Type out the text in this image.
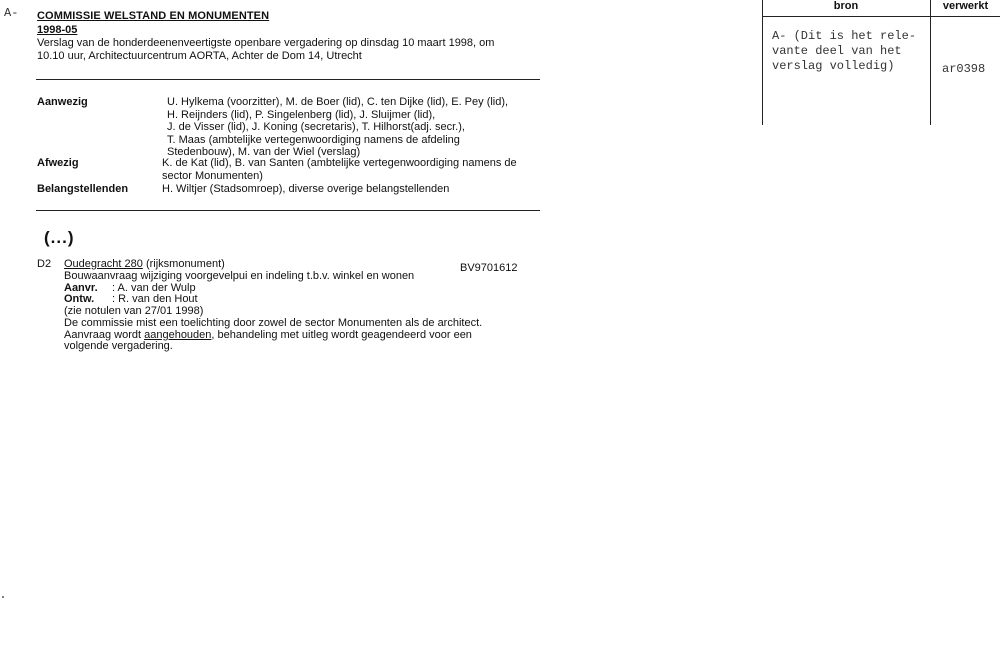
A- COMMISSIE WELSTAND EN MONUMENTEN
1998-05
Verslag van de honderdeenenveertigste openbare vergadering op dinsdag 10 maart 1998, om
10.10 uur, Architectuurcentrum AORTA, Achter de Dom 14, Utrecht
Aanwezig	U. Hylkema (voorzitter), M. de Boer (lid), C. ten Dijke (lid), E. Pey (lid),
H. Reijnders (lid), P. Singelenberg (lid), J. Sluijmer (lid),
J. de Visser (lid), J. Koning (secretaris), T. Hilhorst(adj. secr.),
T. Maas (ambtelijke vertegenwoordiging namens de afdeling
Stedenbouw), M. van der Wiel (verslag)
Afwezig	K. de Kat (lid), B. van Santen (ambtelijke vertegenwoordiging namens de
sector Monumenten)
Belangstellenden	H. Wiltjer (Stadsomroep), diverse overige belangstellenden
(...)
D2 Oudegracht 280 (rijksmonument)	BV9701612
Bouwaanvraag wijziging voorgevelpui en indeling t.b.v. winkel en wonen
Aanvr. : A. van der Wulp
Ontw. : R. van den Hout
(zie notulen van 27/01 1998)
De commissie mist een toelichting door zowel de sector Monumenten als de architect.
Aanvraag wordt aangehouden, behandeling met uitleg wordt geagendeerd voor een
volgende vergadering.
bron	verwerkt
A- (Dit is het rele-
vante deel van het
verslag volledig)	ar0398
